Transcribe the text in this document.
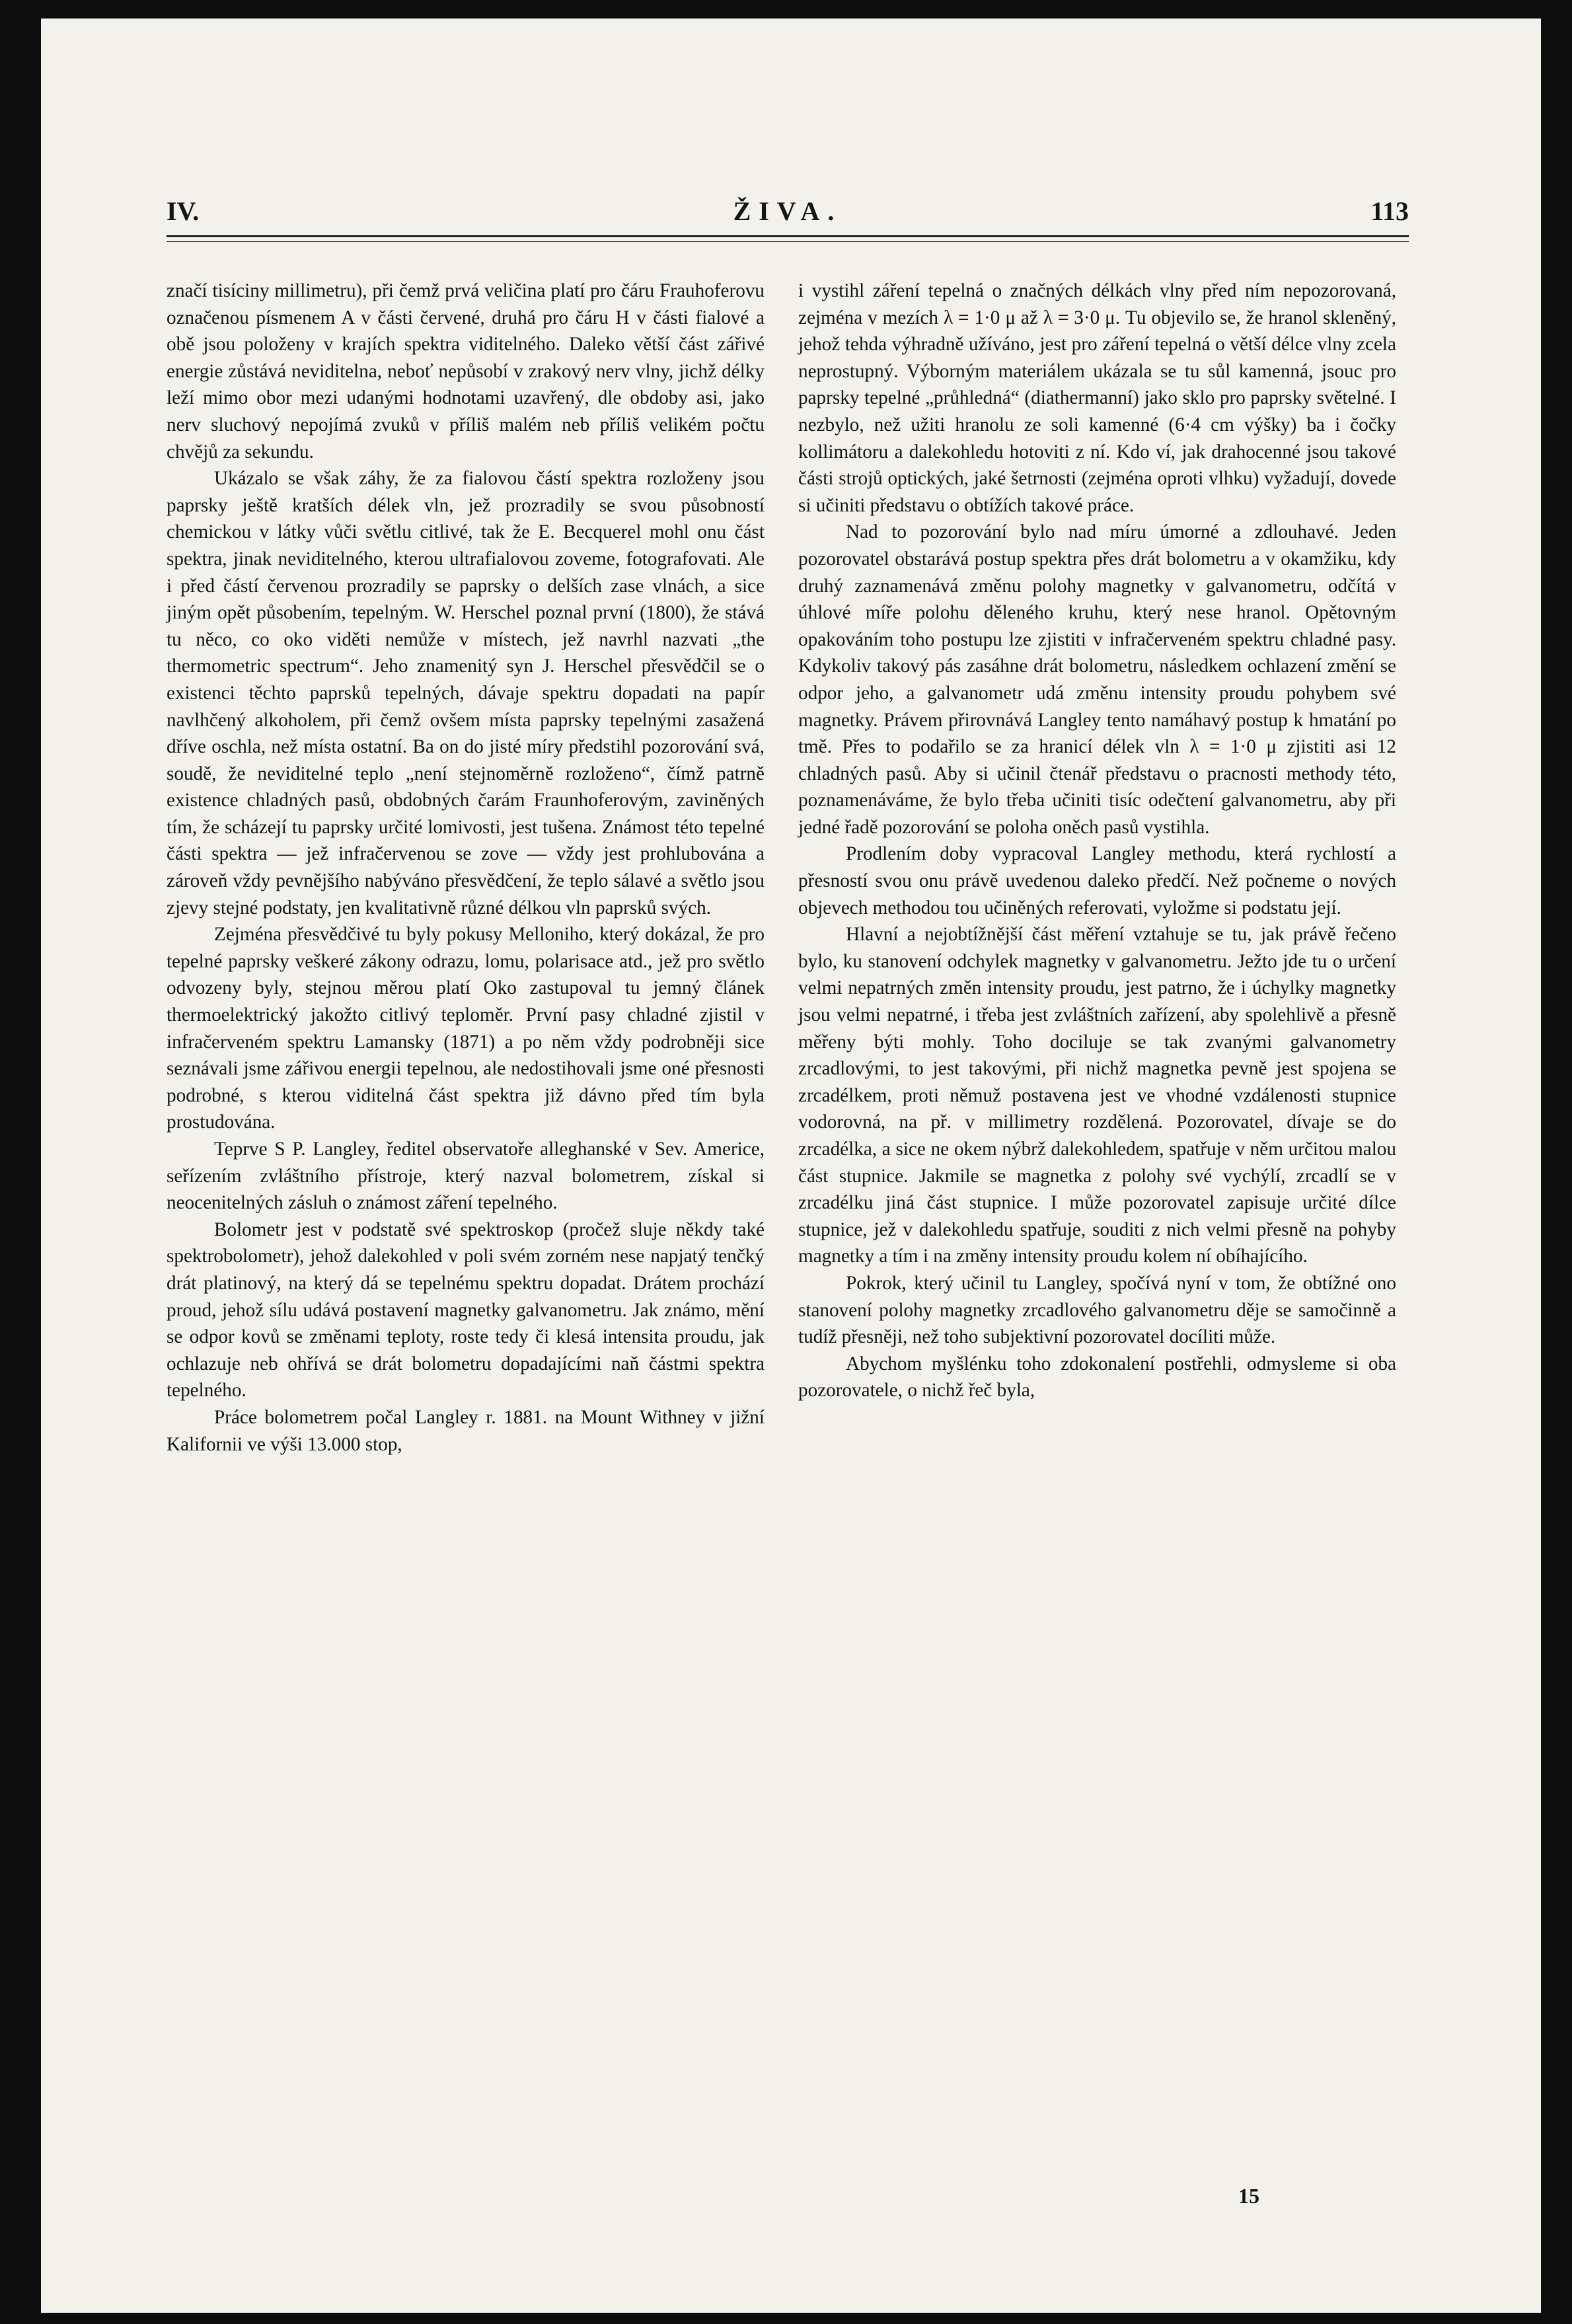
IV.	ŽIVA.	113

značí tisíciny millimetru), při čemž prvá veličina platí pro čáru Frauhoferovu označenou písmenem A v části červené, druhá pro čáru H v části fialové a obě jsou položeny v krajích spektra viditelného. Daleko větší část zářivé energie zůstává neviditelna, neboť nepůsobí v zrakový nerv vlny, jichž délky leží mimo obor mezi udanými hodnotami uzavřený, dle obdoby asi, jako nerv sluchový nepojímá zvuků v příliš malém neb příliš velikém počtu chvějů za sekundu.

Ukázalo se však záhy, že za fialovou částí spektra rozloženy jsou paprsky ještě kratších délek vln, jež prozradily se svou působností chemickou v látky vůči světlu citlivé, tak že E. Becquerel mohl onu část spektra, jinak neviditelného, kterou ultrafialovou zoveme, fotografovati. Ale i před částí červenou prozradily se paprsky o delších zase vlnách, a sice jiným opět působením, tepelným. W. Herschel poznal první (1800), že stává tu něco, co oko viděti nemůže v místech, jež navrhl nazvati „the thermometric spectrum“. Jeho znamenitý syn J. Herschel přesvědčil se o existenci těchto paprsků tepelných, dávaje spektru dopadati na papír navlhčený alkoholem, při čemž ovšem místa paprsky tepelnými zasažená dříve oschla, než místa ostatní. Ba on do jisté míry předstihl pozorování svá, soudě, že neviditelné teplo „není stejnoměrně rozloženo“, čímž patrně existence chladných pasů, obdobných čarám Fraunhoferovým, zaviněných tím, že scházejí tu paprsky určité lomivosti, jest tušena. Známost této tepelné části spektra — jež infračervenou se zove — vždy jest prohlubována a zároveň vždy pevnějšího nabýváno přesvědčení, že teplo sálavé a světlo jsou zjevy stejné podstaty, jen kvalitativně různé délkou vln paprsků svých.

Zejména přesvědčivé tu byly pokusy Melloniho, který dokázal, že pro tepelné paprsky veškeré zákony odrazu, lomu, polarisace atd., jež pro světlo odvozeny byly, stejnou měrou platí Oko zastupoval tu jemný článek thermoelektrický jakožto citlivý teploměr. První pasy chladné zjistil v infračerveném spektru Lamansky (1871) a po něm vždy podrobněji sice seznávali jsme zářivou energii tepelnou, ale nedostihovali jsme oné přesnosti podrobné, s kterou viditelná část spektra již dávno před tím byla prostudována.

Teprve S P. Langley, ředitel observatoře alleghanské v Sev. Americe, seřízením zvláštního přístroje, který nazval bolometrem, získal si neocenitelných zásluh o známost záření tepelného.

Bolometr jest v podstatě své spektroskop (pročež sluje někdy také spektrobolometr), jehož dalekohled v poli svém zorném nese napjatý tenčký drát platinový, na který dá se tepelnému spektru dopadat. Drátem prochází proud, jehož sílu udává postavení magnetky galvanometru. Jak známo, mění se odpor kovů se změnami teploty, roste tedy či klesá intensita proudu, jak ochlazuje neb ohřívá se drát bolometru dopadajícími naň částmi spektra tepelného.

Práce bolometrem počal Langley r. 1881. na Mount Withney v jižní Kalifornii ve výši 13.000 stop,

i vystihl záření tepelná o značných délkách vlny před ním nepozorovaná, zejména v mezích λ = 1·0 μ až λ = 3·0 μ. Tu objevilo se, že hranol skleněný, jehož tehda výhradně užíváno, jest pro záření tepelná o větší délce vlny zcela neprostupný. Výborným materiálem ukázala se tu sůl kamenná, jsouc pro paprsky tepelné „průhledná“ (diathermanní) jako sklo pro paprsky světelné. I nezbylo, než užiti hranolu ze soli kamenné (6·4 cm výšky) ba i čočky kollimátoru a dalekohledu hotoviti z ní. Kdo ví, jak drahocenné jsou takové části strojů optických, jaké šetrnosti (zejména oproti vlhku) vyžadují, dovede si učiniti představu o obtížích takové práce.

Nad to pozorování bylo nad míru úmorné a zdlouhavé. Jeden pozorovatel obstarává postup spektra přes drát bolometru a v okamžiku, kdy druhý zaznamenává změnu polohy magnetky v galvanometru, odčítá v úhlové míře polohu děleného kruhu, který nese hranol. Opětovným opakováním toho postupu lze zjistiti v infračerveném spektru chladné pasy. Kdykoliv takový pás zasáhne drát bolometru, následkem ochlazení změní se odpor jeho, a galvanometr udá změnu intensity proudu pohybem své magnetky. Právem přirovnává Langley tento namáhavý postup k hmatání po tmě. Přes to podařilo se za hranicí délek vln λ = 1·0 μ zjistiti asi 12 chladných pasů. Aby si učinil čtenář představu o pracnosti methody této, poznamenáváme, že bylo třeba učiniti tisíc odečtení galvanometru, aby při jedné řadě pozorování se poloha oněch pasů vystihla.

Prodlením doby vypracoval Langley methodu, která rychlostí a přesností svou onu právě uvedenou daleko předčí. Než počneme o nových objevech methodou tou učiněných referovati, vyložme si podstatu její.

Hlavní a nejobtížnější část měření vztahuje se tu, jak právě řečeno bylo, ku stanovení odchylek magnetky v galvanometru. Ježto jde tu o určení velmi nepatrných změn intensity proudu, jest patrno, že i úchylky magnetky jsou velmi nepatrné, i třeba jest zvláštních zařízení, aby spolehlivě a přesně měřeny býti mohly. Toho dociluje se tak zvanými galvanometry zrcadlovými, to jest takovými, při nichž magnetka pevně jest spojena se zrcadélkem, proti němuž postavena jest ve vhodné vzdálenosti stupnice vodorovná, na př. v millimetry rozdělená. Pozorovatel, dívaje se do zrcadélka, a sice ne okem nýbrž dalekohledem, spatřuje v něm určitou malou část stupnice. Jakmile se magnetka z polohy své vychýlí, zrcadlí se v zrcadélku jiná část stupnice. I může pozorovatel zapisuje určité dílce stupnice, jež v dalekohledu spatřuje, souditi z nich velmi přesně na pohyby magnetky a tím i na změny intensity proudu kolem ní obíhajícího.

Pokrok, který učinil tu Langley, spočívá nyní v tom, že obtížné ono stanovení polohy magnetky zrcadlového galvanometru děje se samočinně a tudíž přesněji, než toho subjektivní pozorovatel docíliti může.

Abychom myšlénku toho zdokonalení postřehli, odmysleme si oba pozorovatele, o nichž řeč byla,

15
